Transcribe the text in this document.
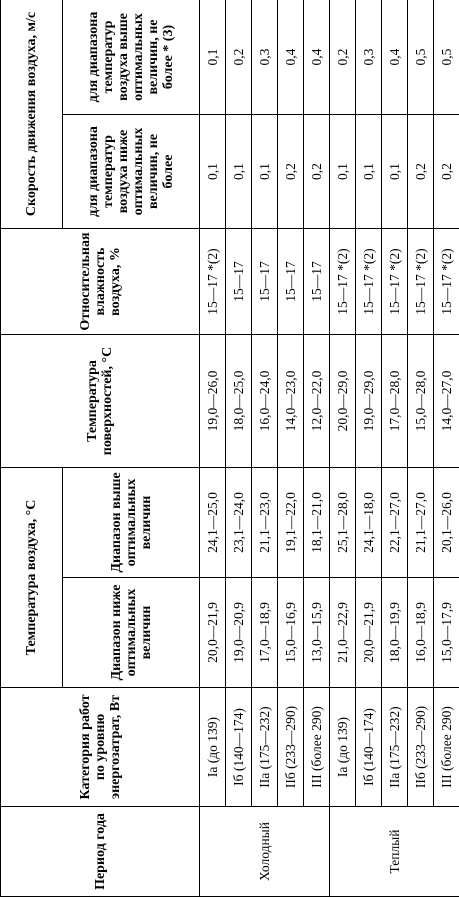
Период года	Категория работ по уровню энергозатрат, Вт	Температура воздуха, °С		Температура поверхностей, °С	Относительная влажность воздуха, %	Скорость движения воздуха, м/с	
		Диапазон ниже оптимальных величин	Диапазон выше оптимальных величин			для диапазона температур воздуха ниже оптимальных величин, не более	для диапазона температур воздуха выше оптимальных величин, не более * (3)
Холодный	Iа (до 139)	20,0—21,9	24,1—25,0	19,0—26,0	15—17 *(2)	0,1	0,1
	Iб (140—174)	19,0—20,9	23,1—24,0	18,0—25,0	15—17	0,1	0,2
	IIа (175—232)	17,0—18,9	21,1—23,0	16,0—24,0	15—17	0,1	0,3
	IIб (233—290)	15,0—16,9	19,1—22,0	14,0—23,0	15—17	0,2	0,4
	III (более 290)	13,0—15,9	18,1—21,0	12,0—22,0	15—17	0,2	0,4
Теплый	Iа (до 139)	21,0—22,9	25,1—28,0	20,0—29,0	15—17 *(2)	0,1	0,2
	Iб (140—174)	20,0—21,9	24,1—18,0	19,0—29,0	15—17 *(2)	0,1	0,3
	IIа (175—232)	18,0—19,9	22,1—27,0	17,0—28,0	15—17 *(2)	0,1	0,4
	IIб (233—290)	16,0—18,9	21,1—27,0	15,0—28,0	15—17 *(2)	0,2	0,5
	III (более 290)	15,0—17,9	20,1—26,0	14,0—27,0	15—17 *(2)	0,2	0,5
